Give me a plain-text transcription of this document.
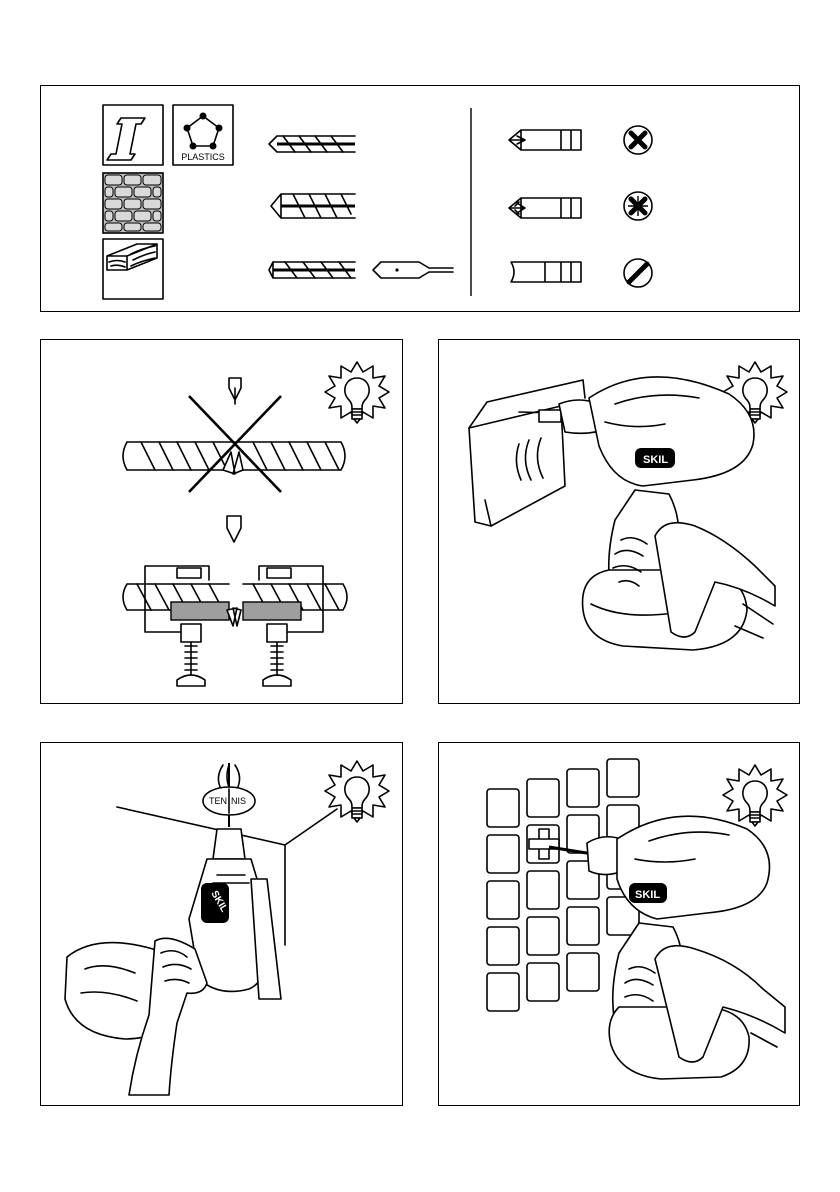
PLASTICS
SKIL
TEN NIS
SKIL	SKIL
